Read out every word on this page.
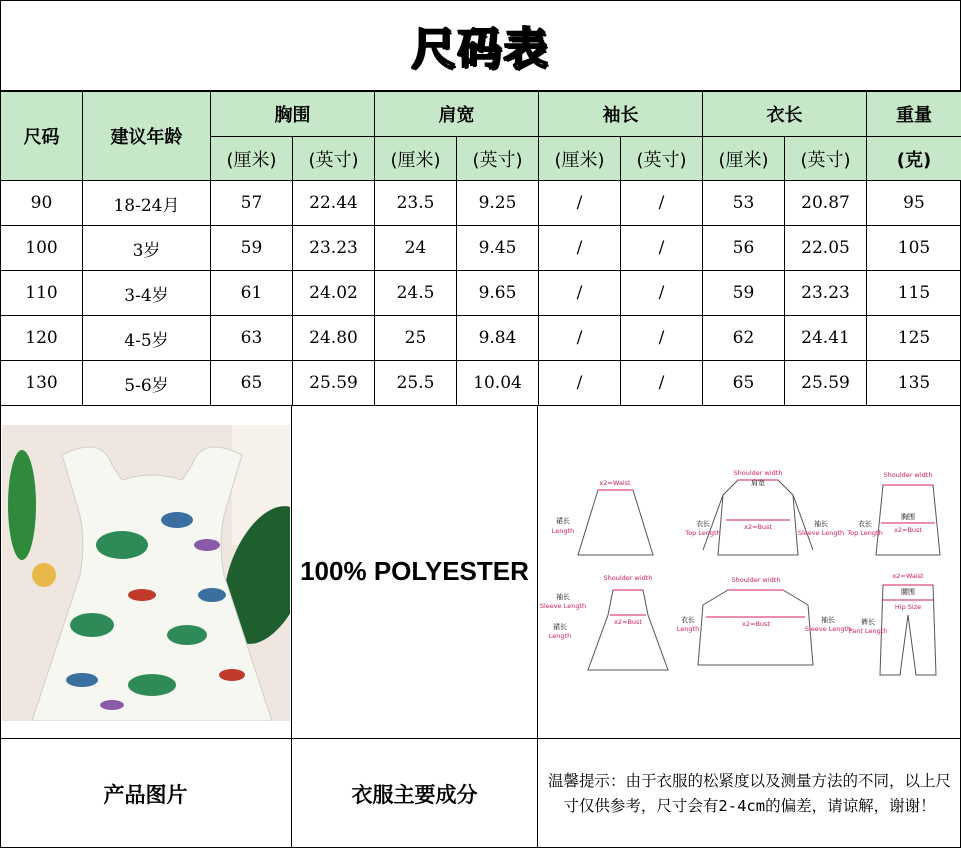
尺码表
尺码	建议年龄	胸围		肩宽		袖长		衣长		重量
		(厘米)	(英寸)	(厘米)	(英寸)	(厘米)	(英寸)	(厘米)	(英寸)	(克)
90	18-24月	57	22.44	23.5	9.25	/	/	53	20.87	95
100	3岁	59	23.23	24	9.45	/	/	56	22.05	105
110	3-4岁	61	24.02	24.5	9.65	/	/	59	23.23	115
120	4-5岁	63	24.80	25	9.84	/	/	62	24.41	125
130	5-6岁	65	25.59	25.5	10.04	/	/	65	25.59	135
100% POLYESTER
x2=Waist
Shoulder width
x2=Bust
Shoulder width
x2=Bust
Shoulder width
x2=Bust
Shoulder width
x2=Bust
x2=Waist
Hip Size
Length	Top Length	Sleeve Length Top Length
Sleeve Length
Length
Length	Sleeve Length
Pant Length
裙长
肩宽
衣长	袖长
胸围
衣长
袖长
裙长
衣长	袖长	裤长
腰围
产品图片	衣服主要成分
温馨提示：由于衣服的松紧度以及测量方法的不同，以上尺寸仅供参考，尺寸会有2-4cm的偏差，请谅解，谢谢！
